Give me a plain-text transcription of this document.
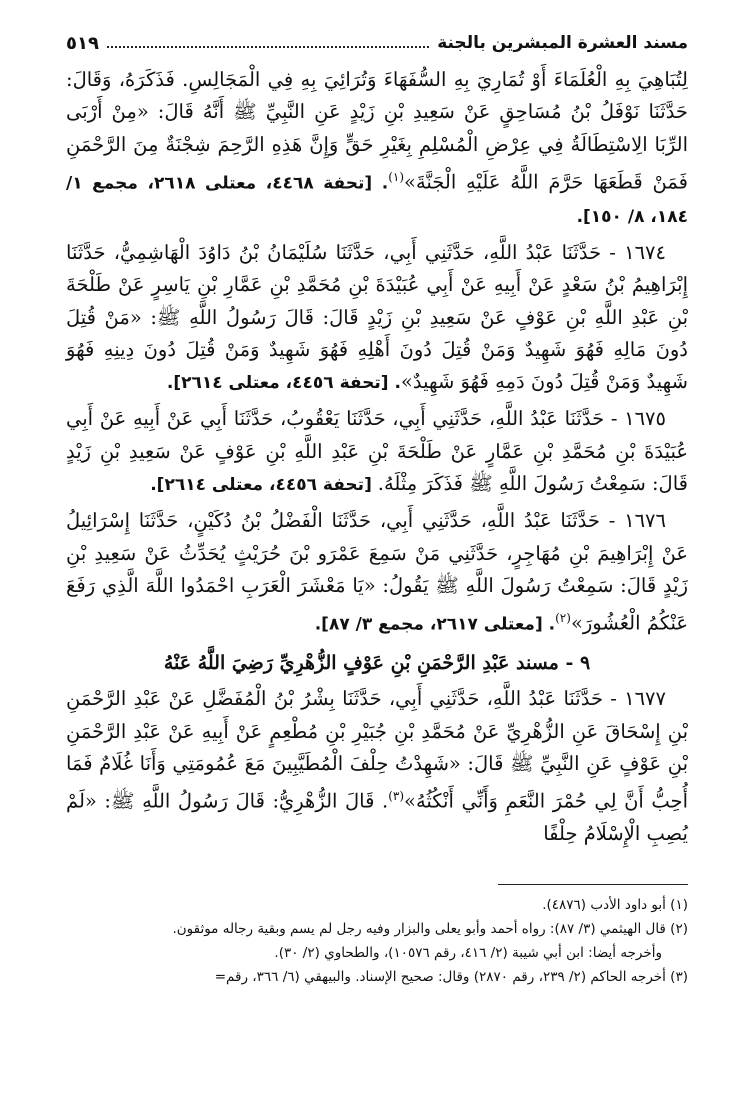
مسند العشرة المبشرين بالجنة
٥١٩

لِتُبَاهِيَ بِهِ الْعُلَمَاءَ أَوْ تُمَارِيَ بِهِ السُّفَهَاءَ وَتُرَائِيَ بِهِ فِي الْمَجَالِسِ. فَذَكَرَهُ، وَقَالَ: حَدَّثَنَا نَوْفَلُ بْنُ مُسَاحِقٍ عَنْ سَعِيدِ بْنِ زَيْدٍ عَنِ النَّبِيِّ ﷺ أَنَّهُ قَالَ: «مِنْ أَرْبَى الرِّبَا الِاسْتِطَالَةُ فِي عِرْضِ الْمُسْلِمِ بِغَيْرِ حَقٍّ وَإِنَّ هَذِهِ الرَّحِمَ شِجْنَةٌ مِنَ الرَّحْمَنِ فَمَنْ قَطَعَهَا حَرَّمَ اللَّهُ عَلَيْهِ الْجَنَّةَ»$^{(١)}$. [تحفة ٤٤٦٨، معتلى ٢٦١٨، مجمع ١/ ١٨٤، ٨/ ١٥٠].

١٦٧٤ - حَدَّثَنَا عَبْدُ اللَّهِ، حَدَّثَنِي أَبِي، حَدَّثَنَا سُلَيْمَانُ بْنُ دَاوُدَ الْهَاشِمِيُّ، حَدَّثَنَا إِبْرَاهِيمُ بْنُ سَعْدٍ عَنْ أَبِيهِ عَنْ أَبِي عُبَيْدَةَ بْنِ مُحَمَّدِ بْنِ عَمَّارِ بْنِ يَاسِرٍ عَنْ طَلْحَةَ بْنِ عَبْدِ اللَّهِ بْنِ عَوْفٍ عَنْ سَعِيدِ بْنِ زَيْدٍ قَالَ: قَالَ رَسُولُ اللَّهِ ﷺ: «مَنْ قُتِلَ دُونَ مَالِهِ فَهُوَ شَهِيدٌ وَمَنْ قُتِلَ دُونَ أَهْلِهِ فَهُوَ شَهِيدٌ وَمَنْ قُتِلَ دُونَ دِينِهِ فَهُوَ شَهِيدٌ وَمَنْ قُتِلَ دُونَ دَمِهِ فَهُوَ شَهِيدٌ». [تحفة ٤٤٥٦، معتلى ٢٦١٤].

١٦٧٥ - حَدَّثَنَا عَبْدُ اللَّهِ، حَدَّثَنِي أَبِي، حَدَّثَنَا يَعْقُوبُ، حَدَّثَنَا أَبِي عَنْ أَبِيهِ عَنْ أَبِي عُبَيْدَةَ بْنِ مُحَمَّدِ بْنِ عَمَّارٍ عَنْ طَلْحَةَ بْنِ عَبْدِ اللَّهِ بْنِ عَوْفٍ عَنْ سَعِيدِ بْنِ زَيْدٍ قَالَ: سَمِعْتُ رَسُولَ اللَّهِ ﷺ فَذَكَرَ مِثْلَهُ. [تحفة ٤٤٥٦، معتلى ٢٦١٤].

١٦٧٦ - حَدَّثَنَا عَبْدُ اللَّهِ، حَدَّثَنِي أَبِي، حَدَّثَنَا الْفَضْلُ بْنُ دُكَيْنٍ، حَدَّثَنَا إِسْرَائِيلُ عَنْ إِبْرَاهِيمَ بْنِ مُهَاجِرٍ، حَدَّثَنِي مَنْ سَمِعَ عَمْرَو بْنَ حُرَيْثٍ يُحَدِّثُ عَنْ سَعِيدِ بْنِ زَيْدٍ قَالَ: سَمِعْتُ رَسُولَ اللَّهِ ﷺ يَقُولُ: «يَا مَعْشَرَ الْعَرَبِ احْمَدُوا اللَّهَ الَّذِي رَفَعَ عَنْكُمُ الْعُشُورَ»$^{(٢)}$. [معتلى ٢٦١٧، مجمع ٣/ ٨٧].

٩ - مسند عَبْدِ الرَّحْمَنِ بْنِ عَوْفٍ الزُّهْرِيِّ رَضِيَ اللَّهُ عَنْهُ

١٦٧٧ - حَدَّثَنَا عَبْدُ اللَّهِ، حَدَّثَنِي أَبِي، حَدَّثَنَا بِشْرُ بْنُ الْمُفَضَّلِ عَنْ عَبْدِ الرَّحْمَنِ بْنِ إِسْحَاقَ عَنِ الزُّهْرِيِّ عَنْ مُحَمَّدِ بْنِ جُبَيْرِ بْنِ مُطْعِمٍ عَنْ أَبِيهِ عَنْ عَبْدِ الرَّحْمَنِ بْنِ عَوْفٍ عَنِ النَّبِيِّ ﷺ قَالَ: «شَهِدْتُ حِلْفَ الْمُطَيَّبِينَ مَعَ عُمُومَتِي وَأَنَا غُلَامٌ فَمَا أُحِبُّ أَنَّ لِي حُمْرَ النَّعَمِ وَأَنِّي أَنْكُثُهُ»$^{(٣)}$. قَالَ الزُّهْرِيُّ: قَالَ رَسُولُ اللَّهِ ﷺ: «لَمْ يُصِبِ الْإِسْلَامُ حِلْفًا

(١) أبو داود الأدب (٤٨٧٦).

(٢) قال الهيثمي (٣/ ٨٧): رواه أحمد وأبو يعلى والبزار وفيه رجل لم يسم وبقية رجاله موثقون.

وأخرجه أيضا: ابن أبي شيبة (٢/ ٤١٦، رقم ١٠٥٧٦)، والطحاوي (٢/ ٣٠).

(٣) أخرجه الحاكم (٢/ ٢٣٩، رقم ٢٨٧٠) وقال: صحيح الإسناد. والبيهقي (٦/ ٣٦٦، رقم=
